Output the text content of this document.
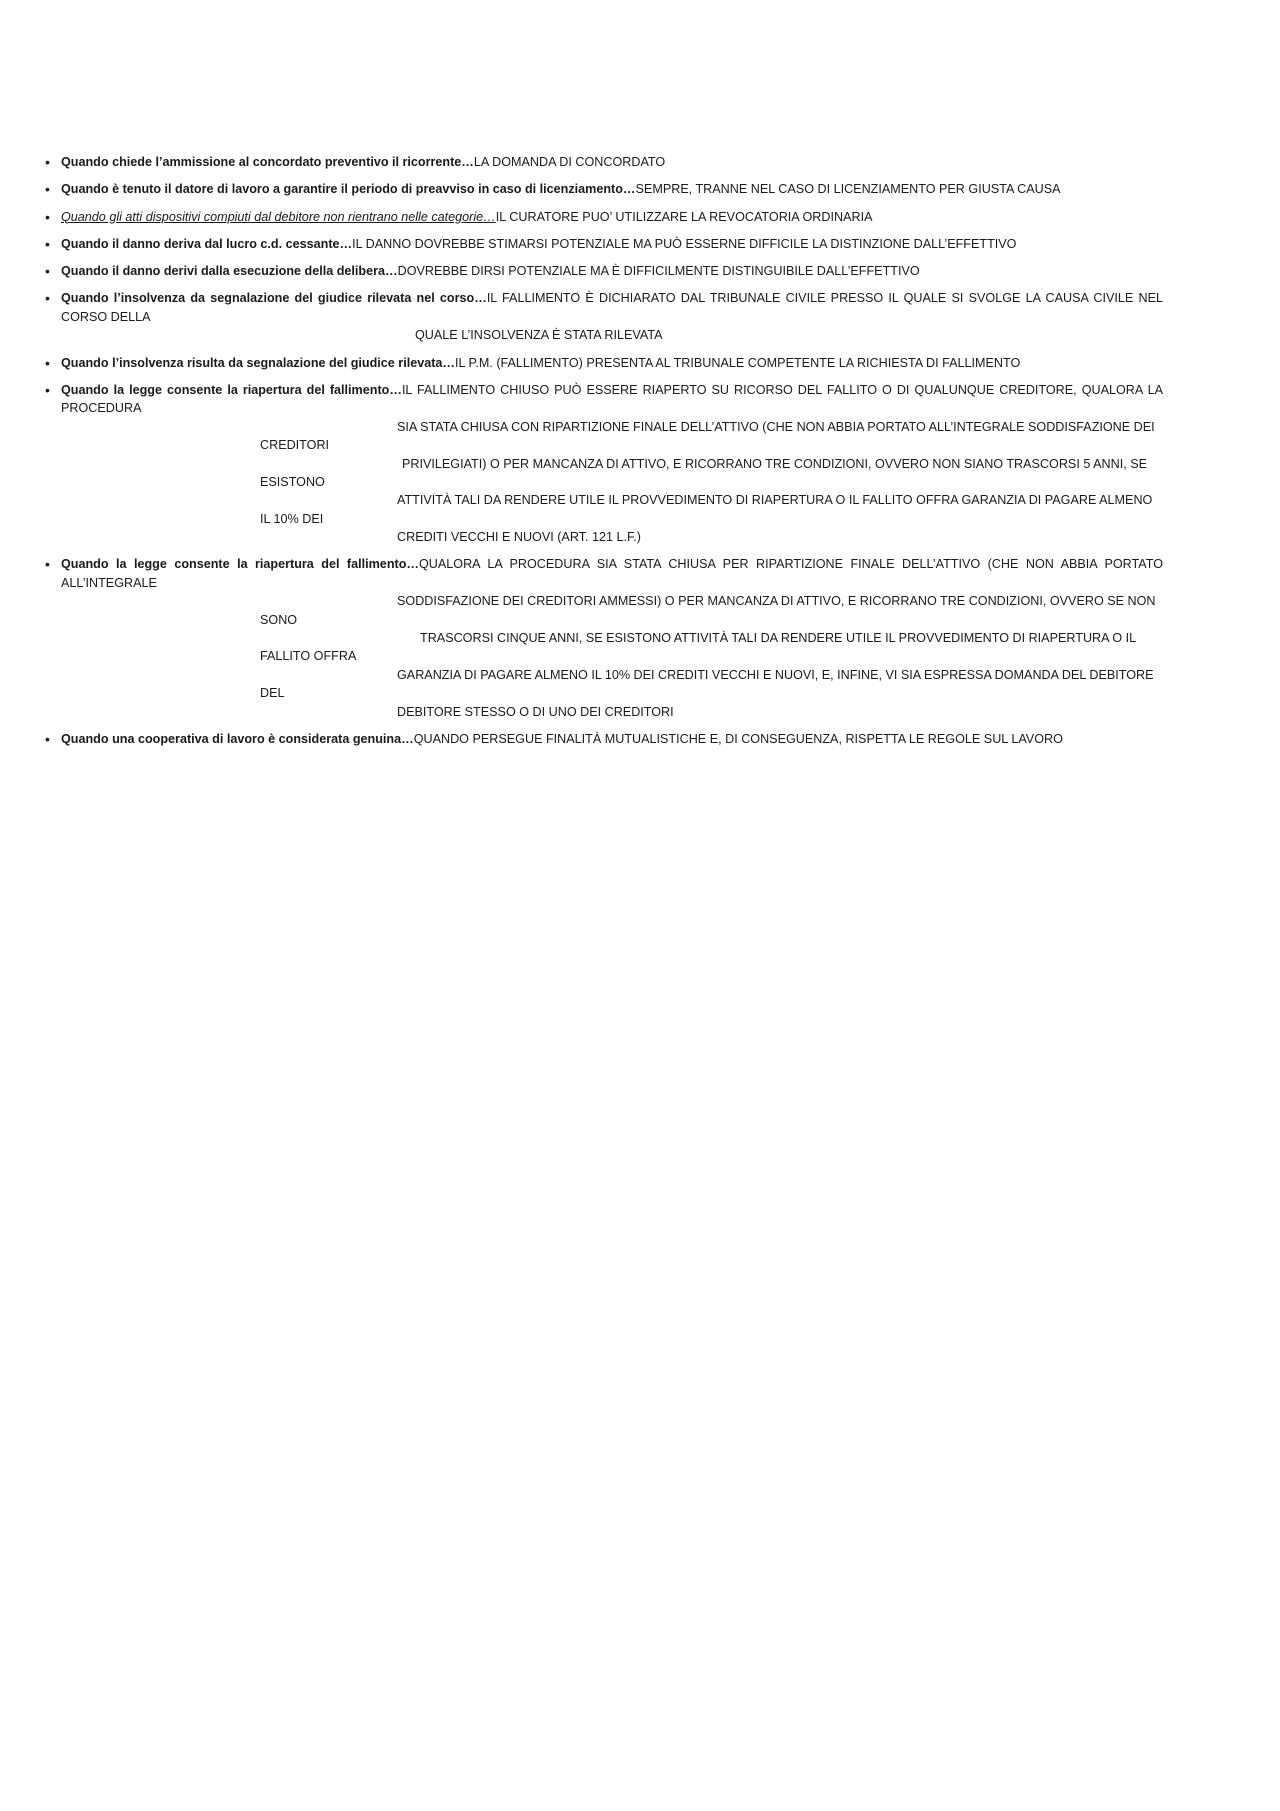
• Quando chiede l’ammissione al concordato preventivo il ricorrente…LA DOMANDA DI CONCORDATO
• Quando è tenuto il datore di lavoro a garantire il periodo di preavviso in caso di licenziamento…SEMPRE, TRANNE NEL CASO DI LICENZIAMENTO PER GIUSTA CAUSA
• Quando gli atti dispositivi compiuti dal debitore non rientrano nelle categorie…IL CURATORE PUO’ UTILIZZARE LA REVOCATORIA ORDINARIA
• Quando il danno deriva dal lucro c.d. cessante…IL DANNO DOVREBBE STIMARSI POTENZIALE MA PUÒ ESSERNE DIFFICILE LA DISTINZIONE DALL’EFFETTIVO
• Quando il danno derivi dalla esecuzione della delibera…DOVREBBE DIRSI POTENZIALE MA È DIFFICILMENTE DISTINGUIBILE DALL’EFFETTIVO
• Quando l’insolvenza da segnalazione del giudice rilevata nel corso…IL FALLIMENTO È DICHIARATO DAL TRIBUNALE CIVILE PRESSO IL QUALE SI SVOLGE LA CAUSA CIVILE NEL CORSO DELLA
QUALE L’INSOLVENZA È STATA RILEVATA
• Quando l’insolvenza risulta da segnalazione del giudice rilevata…IL P.M. (FALLIMENTO) PRESENTA AL TRIBUNALE COMPETENTE LA RICHIESTA DI FALLIMENTO
• Quando la legge consente la riapertura del fallimento…IL FALLIMENTO CHIUSO PUÒ ESSERE RIAPERTO SU RICORSO DEL FALLITO O DI QUALUNQUE CREDITORE, QUALORA LA PROCEDURA
SIA STATA CHIUSA CON RIPARTIZIONE FINALE DELL’ATTIVO (CHE NON ABBIA PORTATO ALL’INTEGRALE SODDISFAZIONE DEI
CREDITORI
PRIVILEGIATI) O PER MANCANZA DI ATTIVO, E RICORRANO TRE CONDIZIONI, OVVERO NON SIANO TRASCORSI 5 ANNI, SE
ESISTONO
ATTIVITÀ TALI DA RENDERE UTILE IL PROVVEDIMENTO DI RIAPERTURA O IL FALLITO OFFRA GARANZIA DI PAGARE ALMENO
IL 10% DEI
CREDITI VECCHI E NUOVI (ART. 121 L.F.)
• Quando la legge consente la riapertura del fallimento…QUALORA LA PROCEDURA SIA STATA CHIUSA PER RIPARTIZIONE FINALE DELL’ATTIVO (CHE NON ABBIA PORTATO ALL’INTEGRALE
SODDISFAZIONE DEI CREDITORI AMMESSI) O PER MANCANZA DI ATTIVO, E RICORRANO TRE CONDIZIONI, OVVERO SE NON
SONO
TRASCORSI CINQUE ANNI, SE ESISTONO ATTIVITÀ TALI DA RENDERE UTILE IL PROVVEDIMENTO DI RIAPERTURA O IL
FALLITO OFFRA
GARANZIA DI PAGARE ALMENO IL 10% DEI CREDITI VECCHI E NUOVI, E, INFINE, VI SIA ESPRESSA DOMANDA DEL DEBITORE
DEL
DEBITORE STESSO O DI UNO DEI CREDITORI
• Quando una cooperativa di lavoro è considerata genuina…QUANDO PERSEGUE FINALITÀ MUTUALISTICHE E, DI CONSEGUENZA, RISPETTA LE REGOLE SUL LAVORO
